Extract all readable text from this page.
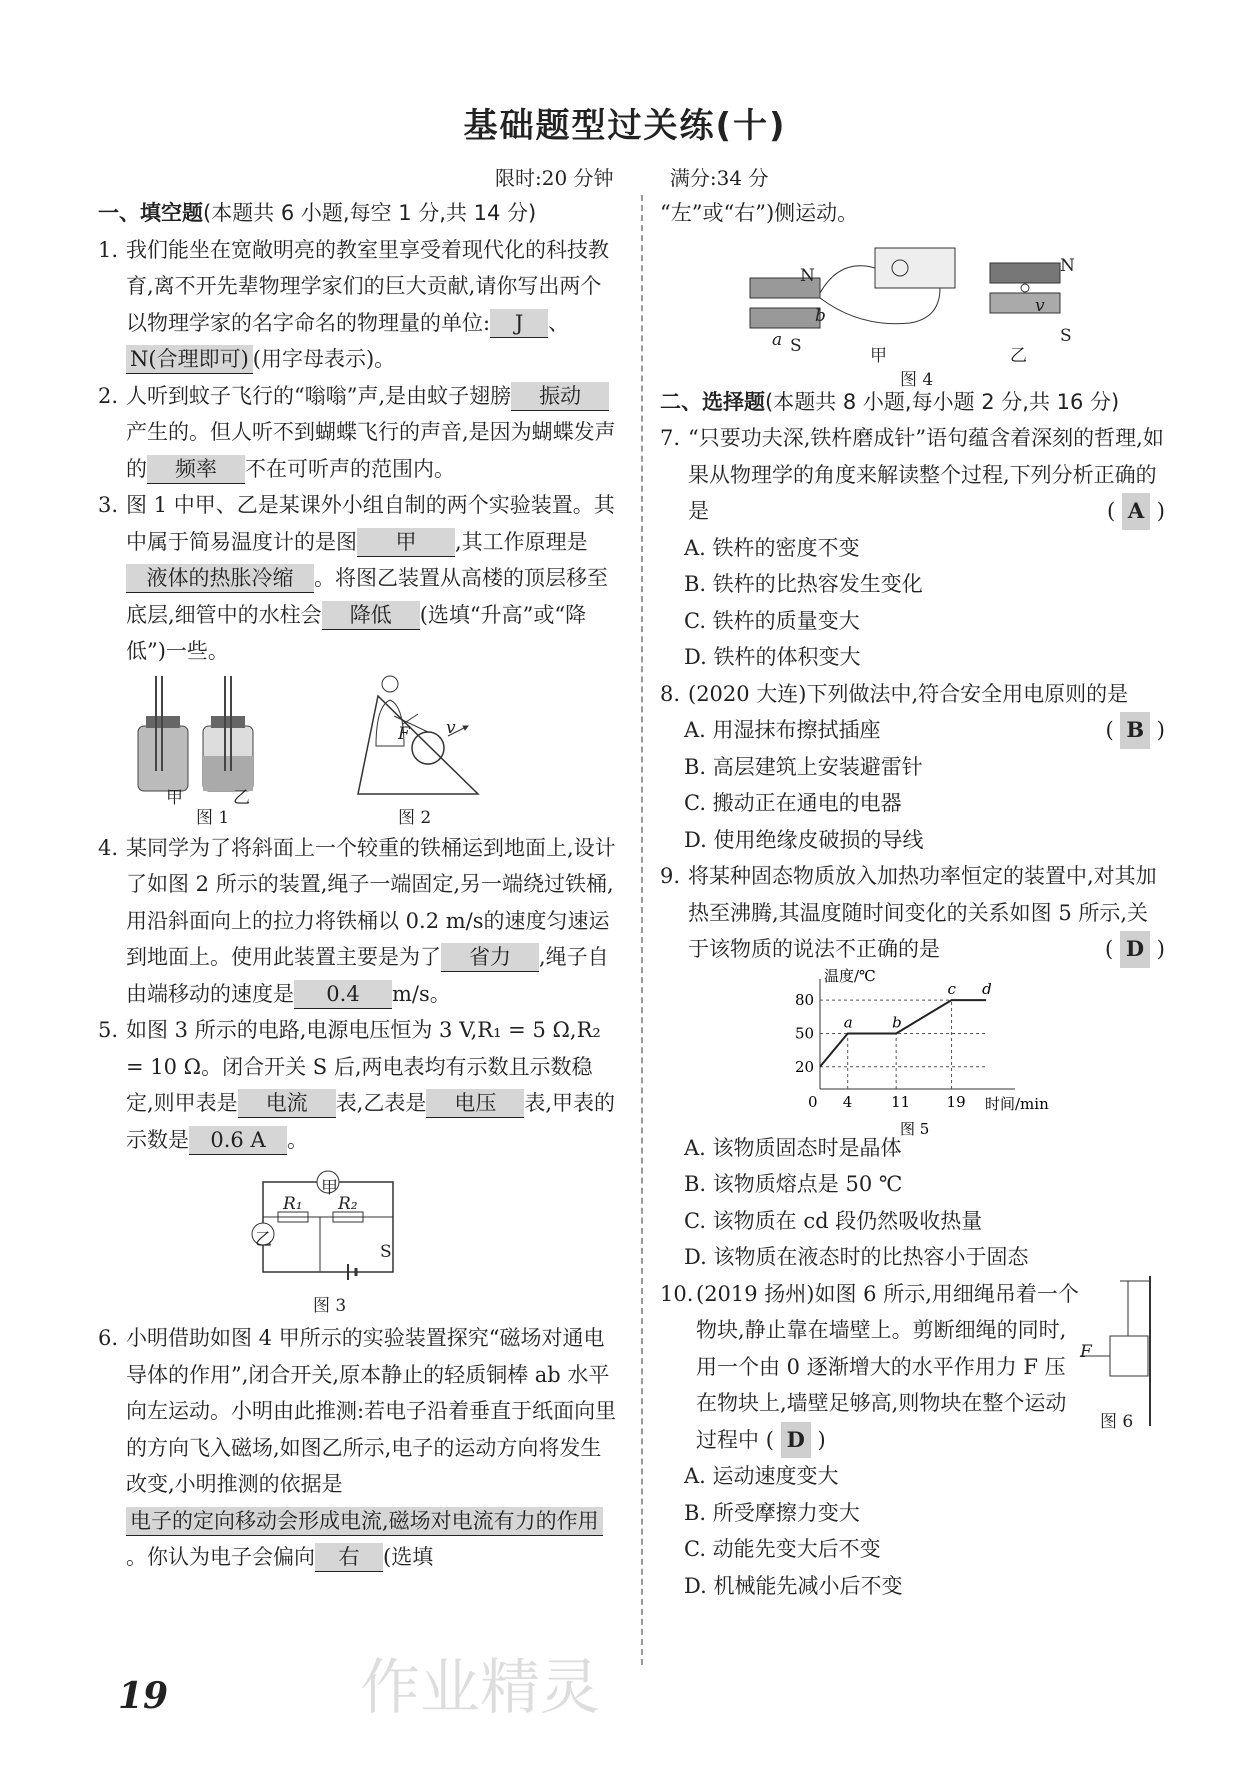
基础题型过关练(十)
限时:20 分钟	满分:34 分
一、填空题(本题共 6 小题,每空 1 分,共 14 分)
1. 我们能坐在宽敞明亮的教室里享受着现代化的科技教育,离不开先辈物理学家们的巨大贡献,请你写出两个以物理学家的名字命名的物理量的单位: J 、N(合理即可) (用字母表示)。
2. 人听到蚊子飞行的“嗡嗡”声,是由蚊子翅膀 振动产生的。但人听不到蝴蝶飞行的声音,是因为蝴蝶发声的 频率 不在可听声的范围内。
3. 图 1 中甲、乙是某课外小组自制的两个实验装置。其中属于简易温度计的是图 甲 ,其工作原理是液体的热胀冷缩 。将图乙装置从高楼的顶层移至底层,细管中的水柱会 降低 (选填“升高”或“降低”)一些。
甲	乙
F v
图 1	图 2
4. 某同学为了将斜面上一个较重的铁桶运到地面上,设计了如图 2 所示的装置,绳子一端固定,另一端绕过铁桶,用沿斜面向上的拉力将铁桶以 0.2 m/s的速度匀速运到地面上。使用此装置主要是为了 省力 ,绳子自由端移动的速度是 0.4 m/s。
5. 如图 3 所示的电路,电源电压恒为 3 V,R₁ = 5 Ω,R₂ = 10 Ω。闭合开关 S 后,两电表均有示数且示数稳定,则甲表是 电流 表,乙表是 电压 表,甲表的示数是 0.6 A 。
甲
乙
R₁ R₂
S
图 3
6. 小明借助如图 4 甲所示的实验装置探究“磁场对通电导体的作用”,闭合开关,原本静止的轻质铜棒 ab 水平向左运动。小明由此推测:若电子沿着垂直于纸面向里的方向飞入磁场,如图乙所示,电子的运动方向将发生改变,小明推测的依据是电子的定向移动会形成电流,磁场对电流有力的作用。你认为电子会偏向 右 (选填
“左”或“右”)侧运动。
N
a S
b
N
S
v
甲	乙
图 4
二、选择题(本题共 8 小题,每小题 2 分,共 16 分)
7. “只要功夫深,铁杵磨成针”语句蕴含着深刻的哲理,如果从物理学的角度来解读整个过程,下列分析正确的是	( A )
A. 铁杵的密度不变
B. 铁杵的比热容发生变化
C. 铁杵的质量变大
D. 铁杵的体积变大
8. (2020 大连)下列做法中,符合安全用电原则的是
( B )
A. 用湿抹布擦拭插座
B. 高层建筑上安装避雷针
C. 搬动正在通电的电器
D. 使用绝缘皮破损的导线
9. 将某种固态物质放入加热功率恒定的装置中,对其加热至沸腾,其温度随时间变化的关系如图 5 所示,关于该物质的说法不正确的是	( D )
温度/℃
时间/min
0
20
50
80
4	11 19
a	b
c d
图 5
A. 该物质固态时是晶体
B. 该物质熔点是 50 ℃
C. 该物质在 cd 段仍然吸收热量
D. 该物质在液态时的比热容小于固态
10. (2019 扬州)如图 6 所示,用细绳吊着一个物块,静止靠在墙壁上。剪断细绳的同时,用一个由 0 逐渐增大的水平作用力 F 压在物块上,墙壁足够高,则物块在整个运动过程中 ( D )
F
图 6
A. 运动速度变大
B. 所受摩擦力变大
C. 动能先变大后不变
D. 机械能先减小后不变
19	作业精灵
